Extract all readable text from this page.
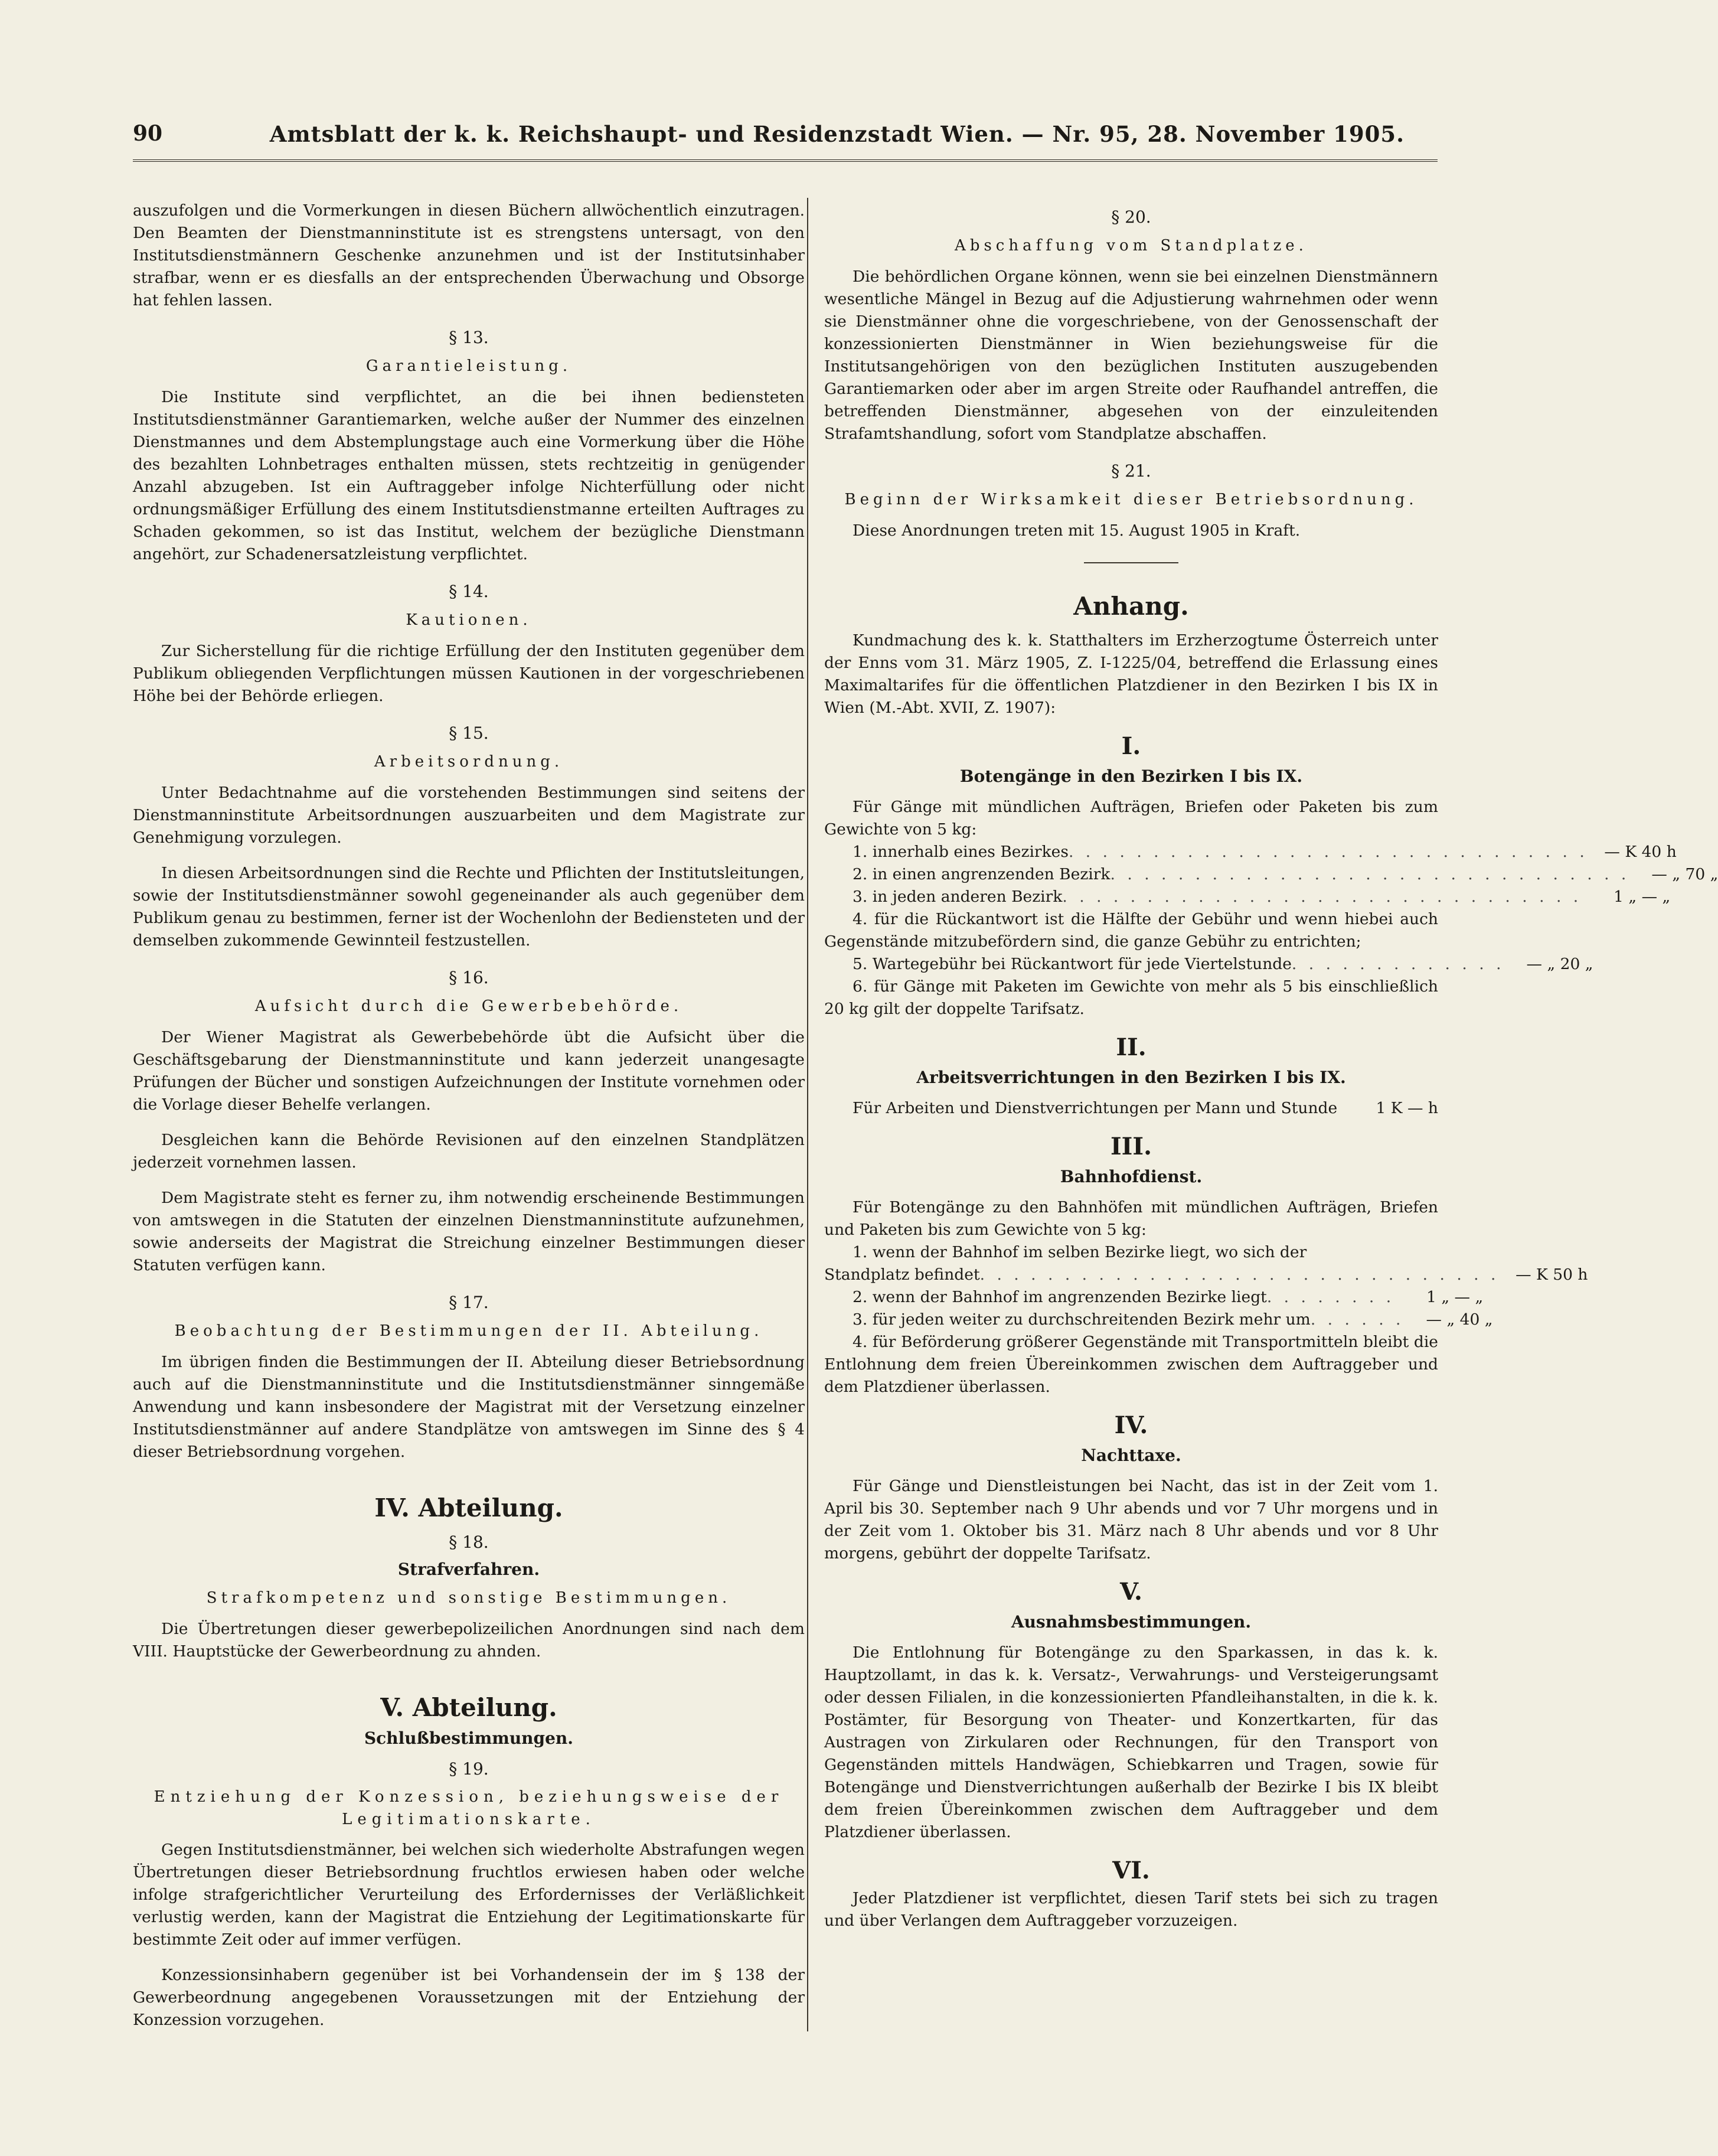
90	Amtsblatt der k. k. Reichshaupt- und Residenzstadt Wien. — Nr. 95, 28. November 1905.

auszufolgen und die Vormerkungen in diesen Büchern allwöchentlich einzutragen. Den Beamten der Dienstmanninstitute ist es strengstens untersagt, von den Institutsdienstmännern Geschenke anzunehmen und ist der Institutsinhaber strafbar, wenn er es diesfalls an der entsprechenden Überwachung und Obsorge hat fehlen lassen.

§ 13.
Garantieleistung.

Die Institute sind verpflichtet, an die bei ihnen bediensteten Institutsdienstmänner Garantiemarken, welche außer der Nummer des einzelnen Dienstmannes und dem Abstemplungstage auch eine Vormerkung über die Höhe des bezahlten Lohnbetrages enthalten müssen, stets rechtzeitig in genügender Anzahl abzugeben. Ist ein Auftraggeber infolge Nichterfüllung oder nicht ordnungsmäßiger Erfüllung des einem Institutsdienstmanne erteilten Auftrages zu Schaden gekommen, so ist das Institut, welchem der bezügliche Dienstmann angehört, zur Schadenersatzleistung verpflichtet.

§ 14.
Kautionen.

Zur Sicherstellung für die richtige Erfüllung der den Instituten gegenüber dem Publikum obliegenden Verpflichtungen müssen Kautionen in der vorgeschriebenen Höhe bei der Behörde erliegen.

§ 15.
Arbeitsordnung.

Unter Bedachtnahme auf die vorstehenden Bestimmungen sind seitens der Dienstmanninstitute Arbeitsordnungen auszuarbeiten und dem Magistrate zur Genehmigung vorzulegen.

In diesen Arbeitsordnungen sind die Rechte und Pflichten der Institutsleitungen, sowie der Institutsdienstmänner sowohl gegeneinander als auch gegenüber dem Publikum genau zu bestimmen, ferner ist der Wochenlohn der Bediensteten und der demselben zukommende Gewinnteil festzustellen.

§ 16.
Aufsicht durch die Gewerbebehörde.

Der Wiener Magistrat als Gewerbebehörde übt die Aufsicht über die Geschäftsgebarung der Dienstmanninstitute und kann jederzeit unangesagte Prüfungen der Bücher und sonstigen Aufzeichnungen der Institute vornehmen oder die Vorlage dieser Behelfe verlangen.

Desgleichen kann die Behörde Revisionen auf den einzelnen Standplätzen jederzeit vornehmen lassen.

Dem Magistrate steht es ferner zu, ihm notwendig erscheinende Bestimmungen von amtswegen in die Statuten der einzelnen Dienstmanninstitute aufzunehmen, sowie anderseits der Magistrat die Streichung einzelner Bestimmungen dieser Statuten verfügen kann.

§ 17.
Beobachtung der Bestimmungen der II. Abteilung.

Im übrigen finden die Bestimmungen der II. Abteilung dieser Betriebsordnung auch auf die Dienstmanninstitute und die Institutsdienstmänner sinngemäße Anwendung und kann insbesondere der Magistrat mit der Versetzung einzelner Institutsdienstmänner auf andere Standplätze von amtswegen im Sinne des § 4 dieser Betriebsordnung vorgehen.

IV. Abteilung.
§ 18.
Strafverfahren.
Strafkompetenz und sonstige Bestimmungen.

Die Übertretungen dieser gewerbepolizeilichen Anordnungen sind nach dem VIII. Hauptstücke der Gewerbeordnung zu ahnden.

V. Abteilung.
Schlußbestimmungen.
§ 19.
Entziehung der Konzession, beziehungsweise der Legitimationskarte.

Gegen Institutsdienstmänner, bei welchen sich wiederholte Abstrafungen wegen Übertretungen dieser Betriebsordnung fruchtlos erwiesen haben oder welche infolge strafgerichtlicher Verurteilung des Erfordernisses der Verläßlichkeit verlustig werden, kann der Magistrat die Entziehung der Legitimationskarte für bestimmte Zeit oder auf immer verfügen.

Konzessionsinhabern gegenüber ist bei Vorhandensein der im § 138 der Gewerbeordnung angegebenen Voraussetzungen mit der Entziehung der Konzession vorzugehen.

§ 20.
Abschaffung vom Standplatze.

Die behördlichen Organe können, wenn sie bei einzelnen Dienstmännern wesentliche Mängel in Bezug auf die Adjustierung wahrnehmen oder wenn sie Dienstmänner ohne die vorgeschriebene, von der Genossenschaft der konzessionierten Dienstmänner in Wien beziehungsweise für die Institutsangehörigen von den bezüglichen Instituten auszugebenden Garantiemarken oder aber im argen Streite oder Raufhandel antreffen, die betreffenden Dienstmänner, abgesehen von der einzuleitenden Strafamtshandlung, sofort vom Standplatze abschaffen.

§ 21.
Beginn der Wirksamkeit dieser Betriebsordnung.

Diese Anordnungen treten mit 15. August 1905 in Kraft.

Anhang.

Kundmachung des k. k. Statthalters im Erzherzogtume Österreich unter der Enns vom 31. März 1905, Z. I-1225/04, betreffend die Erlassung eines Maximaltarifes für die öffentlichen Platzdiener in den Bezirken I bis IX in Wien (M.-Abt. XVII, Z. 1907):

I.
Botengänge in den Bezirken I bis IX.

Für Gänge mit mündlichen Aufträgen, Briefen oder Paketen bis zum Gewichte von 5 kg:

1. innerhalb eines Bezirkes . . . . . . . . . . . . . . . . . . . . . . . . . . . . . . .	— K 40 h
2. in einen angrenzenden Bezirk . . . . . . . . . . . . . . . . . . . . . . . . . . . . . . .	— „ 70 „
3. in jeden anderen Bezirk . . . . . . . . . . . . . . . . . . . . . . . . . . . . . . .	1 „ — „

4. für die Rückantwort ist die Hälfte der Gebühr und wenn hiebei auch Gegenstände mitzubefördern sind, die ganze Gebühr zu entrichten;

5. Wartegebühr bei Rückantwort für jede Viertelstunde . . . . . . . . . . . . .	— „ 20 „

6. für Gänge mit Paketen im Gewichte von mehr als 5 bis einschließlich 20 kg gilt der doppelte Tarifsatz.

II.
Arbeitsverrichtungen in den Bezirken I bis IX.
Für Arbeiten und Dienstverrichtungen per Mann und Stunde	1 K — h
III.
Bahnhofdienst.

Für Botengänge zu den Bahnhöfen mit mündlichen Aufträgen, Briefen und Paketen bis zum Gewichte von 5 kg:

1. wenn der Bahnhof im selben Bezirke liegt, wo sich der
Standplatz befindet . . . . . . . . . . . . . . . . . . . . . . . . . . . . . . .	— K 50 h
2. wenn der Bahnhof im angrenzenden Bezirke liegt . . . . . . . .	1 „ — „
3. für jeden weiter zu durchschreitenden Bezirk mehr um . . . . . .	— „ 40 „

4. für Beförderung größerer Gegenstände mit Transportmitteln bleibt die Entlohnung dem freien Übereinkommen zwischen dem Auftraggeber und dem Platzdiener überlassen.

IV.
Nachttaxe.

Für Gänge und Dienstleistungen bei Nacht, das ist in der Zeit vom 1. April bis 30. September nach 9 Uhr abends und vor 7 Uhr morgens und in der Zeit vom 1. Oktober bis 31. März nach 8 Uhr abends und vor 8 Uhr morgens, gebührt der doppelte Tarifsatz.

V.
Ausnahmsbestimmungen.

Die Entlohnung für Botengänge zu den Sparkassen, in das k. k. Hauptzollamt, in das k. k. Versatz-, Verwahrungs- und Versteigerungsamt oder dessen Filialen, in die konzessionierten Pfandleihanstalten, in die k. k. Postämter, für Besorgung von Theater- und Konzertkarten, für das Austragen von Zirkularen oder Rechnungen, für den Transport von Gegenständen mittels Handwägen, Schiebkarren und Tragen, sowie für Botengänge und Dienstverrichtungen außerhalb der Bezirke I bis IX bleibt dem freien Übereinkommen zwischen dem Auftraggeber und dem Platzdiener überlassen.

VI.

Jeder Platzdiener ist verpflichtet, diesen Tarif stets bei sich zu tragen und über Verlangen dem Auftraggeber vorzuzeigen.
